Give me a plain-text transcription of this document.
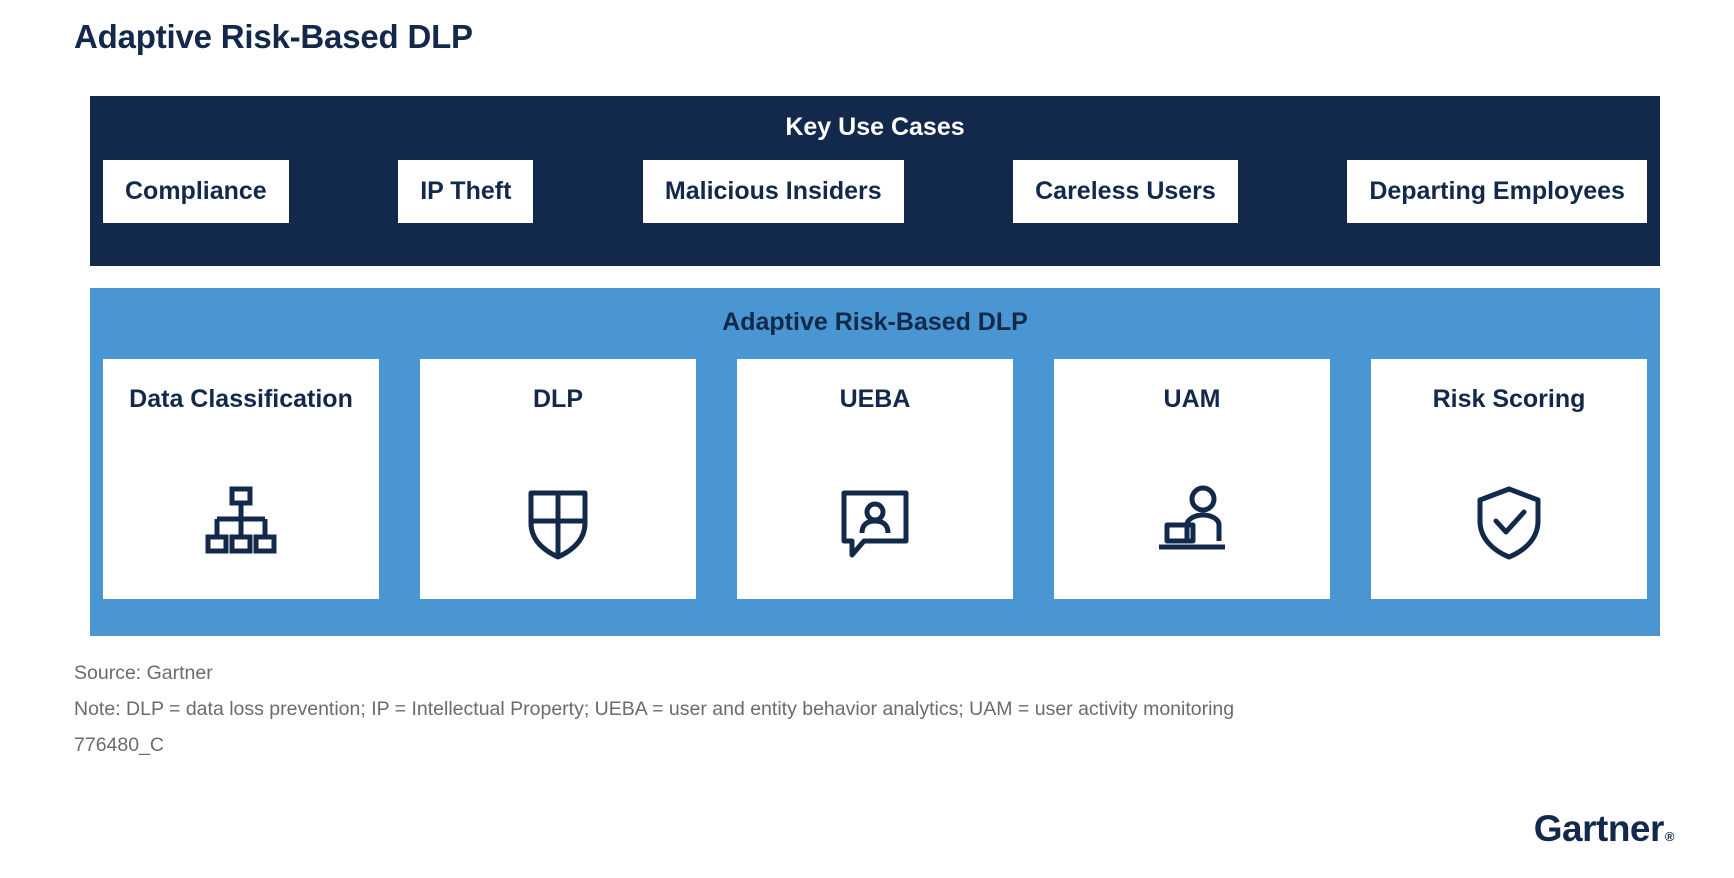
Adaptive Risk-Based DLP
Key Use Cases
Compliance	IP Theft	Malicious Insiders	Careless Users	Departing Employees
Adaptive Risk-Based DLP
Data Classification	DLP	UEBA	UAM	Risk Scoring
Source: Gartner
Note: DLP = data loss prevention; IP = Intellectual Property; UEBA = user and entity behavior analytics; UAM = user activity monitoring
776480_C
Gartner®
